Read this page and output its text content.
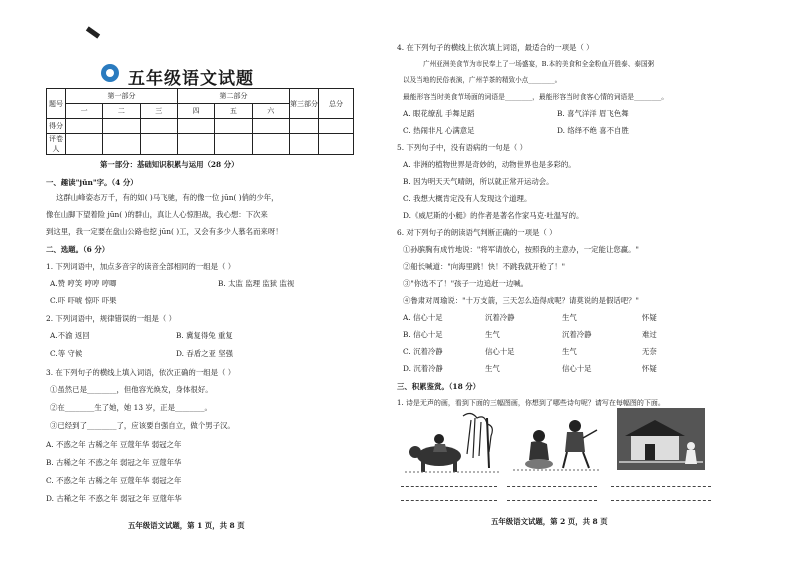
五年级语文试题
题号	第一部分			第二部分			第三部分	总分
	一	二	三	四	五	六		
得分								
评卷人								
第一部分：基础知识积累与运用（28 分）
一、趣读"jūn"字。（4 分）
这群山峰姿态万千，有的如( )马飞驰，有的像一位 jūn( )俏的少年，
像在山脚下望着险 jūn( )的群山，真让人心惊胆战，我心想：下次来
到这里，我一定要在盘山公路也挖 jūn( )工，又会有多少人慕名而来呀！
二、选题。（6 分）
1. 下列词语中，加点多音字的读音全部相同的一组是（ ）
A.赞 哼笑 哼哼 哼唧	B. 太监 监理 监狱 监视
C.吓 吓唬 惊吓 吓果
2. 下列词语中，规律错误的一组是（ ）
A.不渝 返回	B. 冀复得兔 重复
C.等 守候	D. 吞盾之亚 坚强
3. 在下列句子的横线上填入词语，依次正确的一组是（ ）
①虽然已是________，但他容光焕发，身体很好。
②在________生了她，她 13 岁，正是________。
③已经到了________了，应该要自强自立，做个男子汉。
A. 不惑之年 古稀之年 豆蔻年华 弱冠之年
B. 古稀之年 不惑之年 弱冠之年 豆蔻年华
C. 不惑之年 古稀之年 豆蔻年华 弱冠之年
D. 古稀之年 不惑之年 弱冠之年 豆蔻年华
五年级语文试题，第 1 页，共 8 页
4. 在下列句子的横线上依次填上词语，最适合的一项是（ ）
广州亚洲美食节为市民奉上了一场盛宴，B.本的美食和全金粉血开胜泰、泰国粥
以及当地的民俗表演，广州芋茶的精致小点________。
最能形容当时美食节场面的词语是________，最能形容当时食客心情的词语是________。
A. 眼花缭乱 手舞足蹈	B. 喜气洋洋 眉飞色舞
C. 热闹非凡 心满意足	D. 络绎不绝 喜不自胜
5. 下列句子中，没有语病的一句是（ ）
A. 非洲的植物世界是奇妙的，动物世界也是多彩的。
B. 因为明天天气晴朗，所以就正常开运动会。
C. 我想大概肯定没有人发现这个道理。
D.《威尼斯的小艇》的作者是著名作家马克·吐温写的。
6. 对下列句子的朗读语气判断正确的一项是（ ）
①孙膑胸有成竹地说："将军请放心，按照我的主意办，一定能让您赢。"
②船长喊道："向海里跳！快！不跳我就开枪了！"
③"你选不了！"孩子一边追赶一边喊。
④鲁肃对周瑜说："十万支箭，三天怎么造得成呢？请莫说的是假话吧？"
A. 信心十足	沉着冷静	生气	怀疑
B. 信心十足	生气	沉着冷静	难过
C. 沉着冷静	信心十足	生气	无奈
D. 沉着冷静	生气	信心十足	怀疑
三、积累鉴赏。（18 分）
1. 诗是无声的画，看到下面的三幅图画，你想到了哪些诗句呢？请写在每幅图的下面。
五年级语文试题，第 2 页，共 8 页
